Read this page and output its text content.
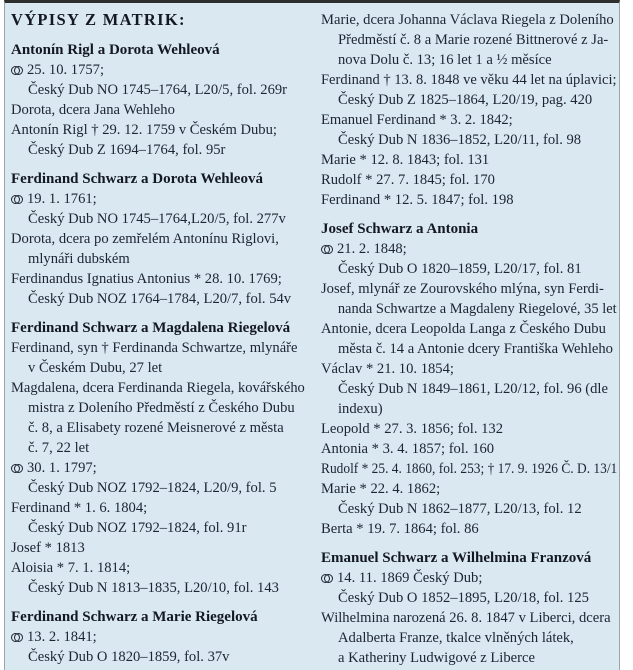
VÝPISY Z MATRIK:
Antonín Rigl a Dorota Wehleová
25. 10. 1757;
Český Dub NO 1745–1764, L20/5, fol. 269r
Dorota, dcera Jana Wehleho
Antonín Rigl † 29. 12. 1759 v Českém Dubu;
Český Dub Z 1694–1764, fol. 95r
Ferdinand Schwarz a Dorota Wehleová
19. 1. 1761;
Český Dub NO 1745–1764,L20/5, fol. 277v
Dorota, dcera po zemřelém Antonínu Riglovi,
mlynáři dubském
Ferdinandus Ignatius Antonius * 28. 10. 1769;
Český Dub NOZ 1764–1784, L20/7, fol. 54v
Ferdinand Schwarz a Magdalena Riegelová
Ferdinand, syn † Ferdinanda Schwartze, mlynáře
v Českém Dubu, 27 let
Magdalena, dcera Ferdinanda Riegela, kovářského
mistra z Doleního Předměstí z Českého Dubu
č. 8, a Elisabety rozené Meisnerové z města
č. 7, 22 let
30. 1. 1797;
Český Dub NOZ 1792–1824, L20/9, fol. 5
Ferdinand * 1. 6. 1804;
Český Dub NOZ 1792–1824, fol. 91r
Josef * 1813
Aloisia * 7. 1. 1814;
Český Dub N 1813–1835, L20/10, fol. 143
Ferdinand Schwarz a Marie Riegelová
13. 2. 1841;
Český Dub O 1820–1859, fol. 37v
Marie, dcera Johanna Václava Riegela z Doleního
Předměstí č. 8 a Marie rozené Bittnerové z Ja-
nova Dolu č. 13; 16 let 1 a ½ měsíce
Ferdinand † 13. 8. 1848 ve věku 44 let na úplavici;
Český Dub Z 1825–1864, L20/19, pag. 420
Emanuel Ferdinand * 3. 2. 1842;
Český Dub N 1836–1852, L20/11, fol. 98
Marie * 12. 8. 1843; fol. 131
Rudolf * 27. 7. 1845; fol. 170
Ferdinand * 12. 5. 1847; fol. 198
Josef Schwarz a Antonia
21. 2. 1848;
Český Dub O 1820–1859, L20/17, fol. 81
Josef, mlynář ze Zourovského mlýna, syn Ferdi-
nanda Schwartze a Magdaleny Riegelové, 35 let
Antonie, dcera Leopolda Langa z Českého Dubu
města č. 14 a Antonie dcery Františka Wehleho
Václav * 21. 10. 1854;
Český Dub N 1849–1861, L20/12, fol. 96 (dle
indexu)
Leopold * 27. 3. 1856; fol. 132
Antonia * 3. 4. 1857; fol. 160
Rudolf * 25. 4. 1860, fol. 253; † 17. 9. 1926 Č. D. 13/1
Marie * 22. 4. 1862;
Český Dub N 1862–1877, L20/13, fol. 12
Berta * 19. 7. 1864; fol. 86
Emanuel Schwarz a Wilhelmina Franzová
14. 11. 1869 Český Dub;
Český Dub O 1852–1895, L20/18, fol. 125
Wilhelmina narozená 26. 8. 1847 v Liberci, dcera
Adalberta Franze, tkalce vlněných látek,
a Katheriny Ludwigové z Liberce
